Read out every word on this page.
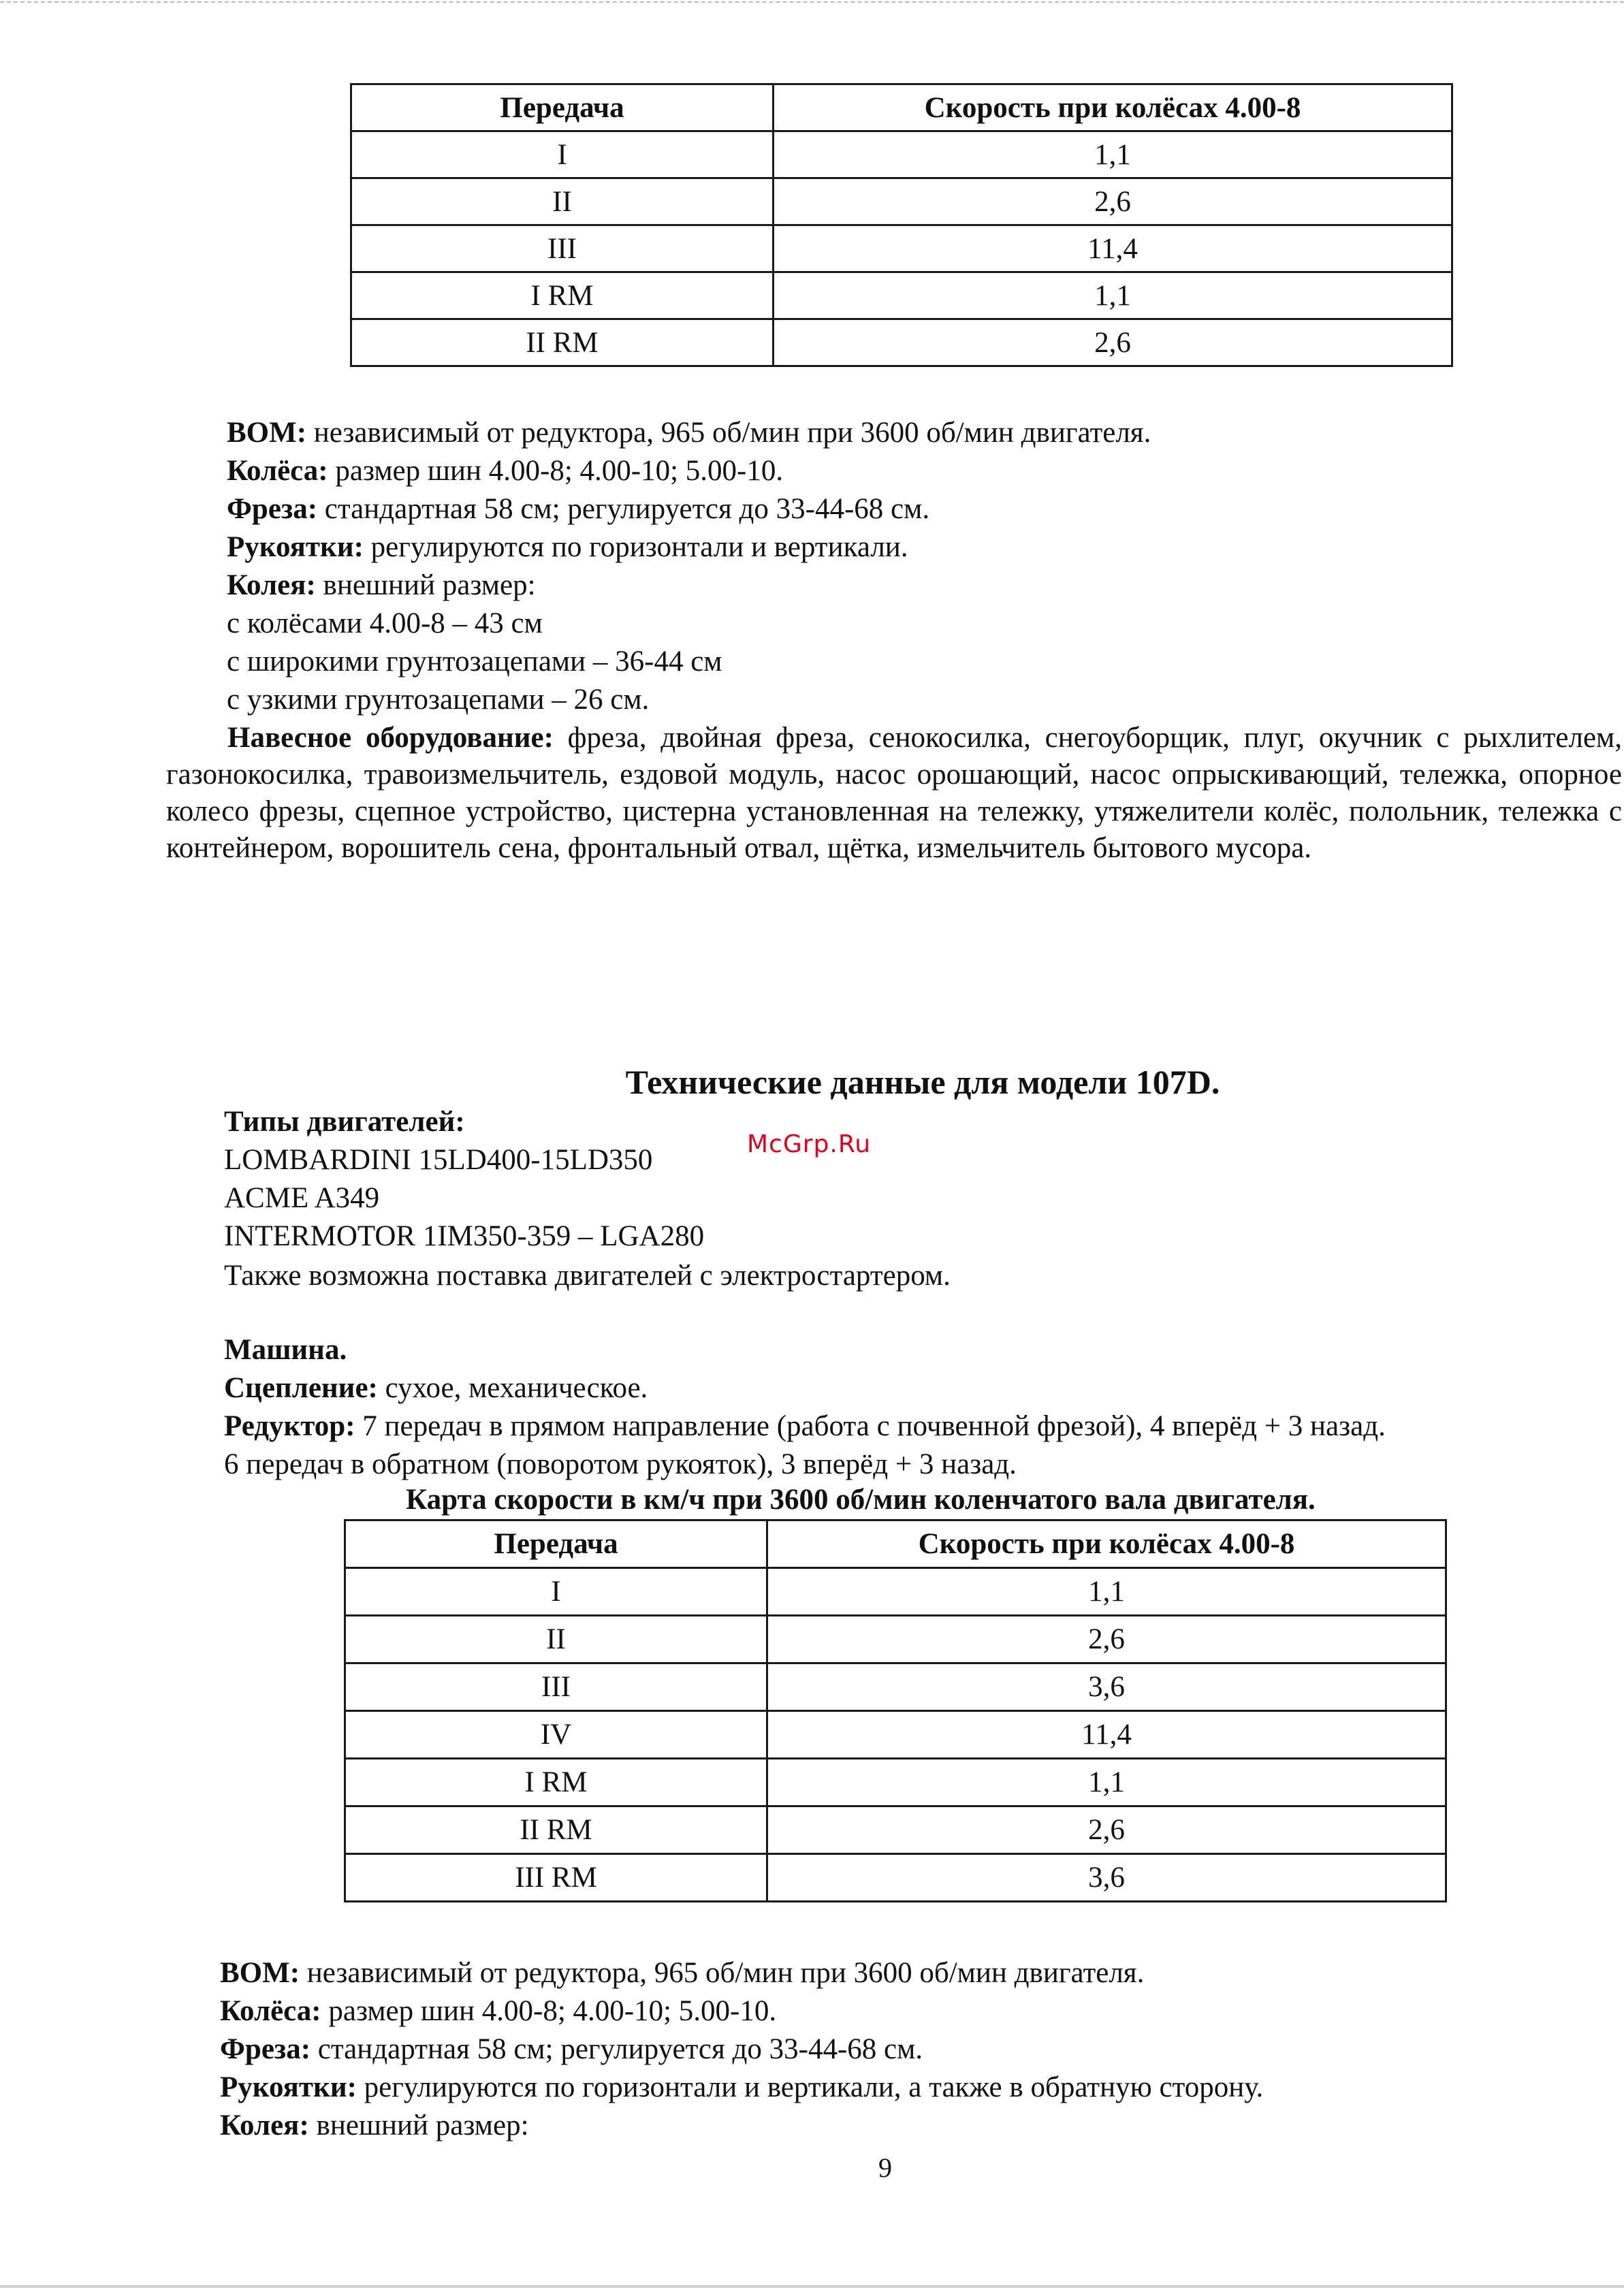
Передача	Скорость при колёсах 4.00-8
I	1,1
II	2,6
III	11,4
I RM	1,1
II RM	2,6
ВОМ: независимый от редуктора, 965 об/мин при 3600 об/мин двигателя.
Колёса: размер шин 4.00-8; 4.00-10; 5.00-10.
Фреза: стандартная 58 см; регулируется до 33-44-68 см.
Рукоятки: регулируются по горизонтали и вертикали.
Колея: внешний размер:
с колёсами 4.00-8 – 43 см
с широкими грунтозацепами – 36-44 см
с узкими грунтозацепами – 26 см.

Навесное оборудование: фреза, двойная фреза, сенокосилка, снегоуборщик, плуг, окучник с рыхлителем, газонокосилка, травоизмельчитель, ездовой модуль, насос орошающий, насос опрыскивающий, тележка, опорное колесо фрезы, сцепное устройство, цистерна установленная на тележку, утяжелители колёс, полольник, тележка с контейнером, ворошитель сена, фронтальный отвал, щётка, измельчитель бытового мусора.

Технические данные для модели 107D.
McGrp.Ru
Типы двигателей:
LOMBARDINI 15LD400-15LD350
ACME A349
INTERMOTOR 1IM350-359 – LGA280
Также возможна поставка двигателей с электростартером.
Машина.
Сцепление: сухое, механическое.
Редуктор: 7 передач в прямом направление (работа с почвенной фрезой), 4 вперёд + 3 назад.
6 передач в обратном (поворотом рукояток), 3 вперёд + 3 назад.
Карта скорости в км/ч при 3600 об/мин коленчатого вала двигателя.
Передача	Скорость при колёсах 4.00-8
I	1,1
II	2,6
III	3,6
IV	11,4
I RM	1,1
II RM	2,6
III RM	3,6
ВОМ: независимый от редуктора, 965 об/мин при 3600 об/мин двигателя.
Колёса: размер шин 4.00-8; 4.00-10; 5.00-10.
Фреза: стандартная 58 см; регулируется до 33-44-68 см.
Рукоятки: регулируются по горизонтали и вертикали, а также в обратную сторону.
Колея: внешний размер:
9
